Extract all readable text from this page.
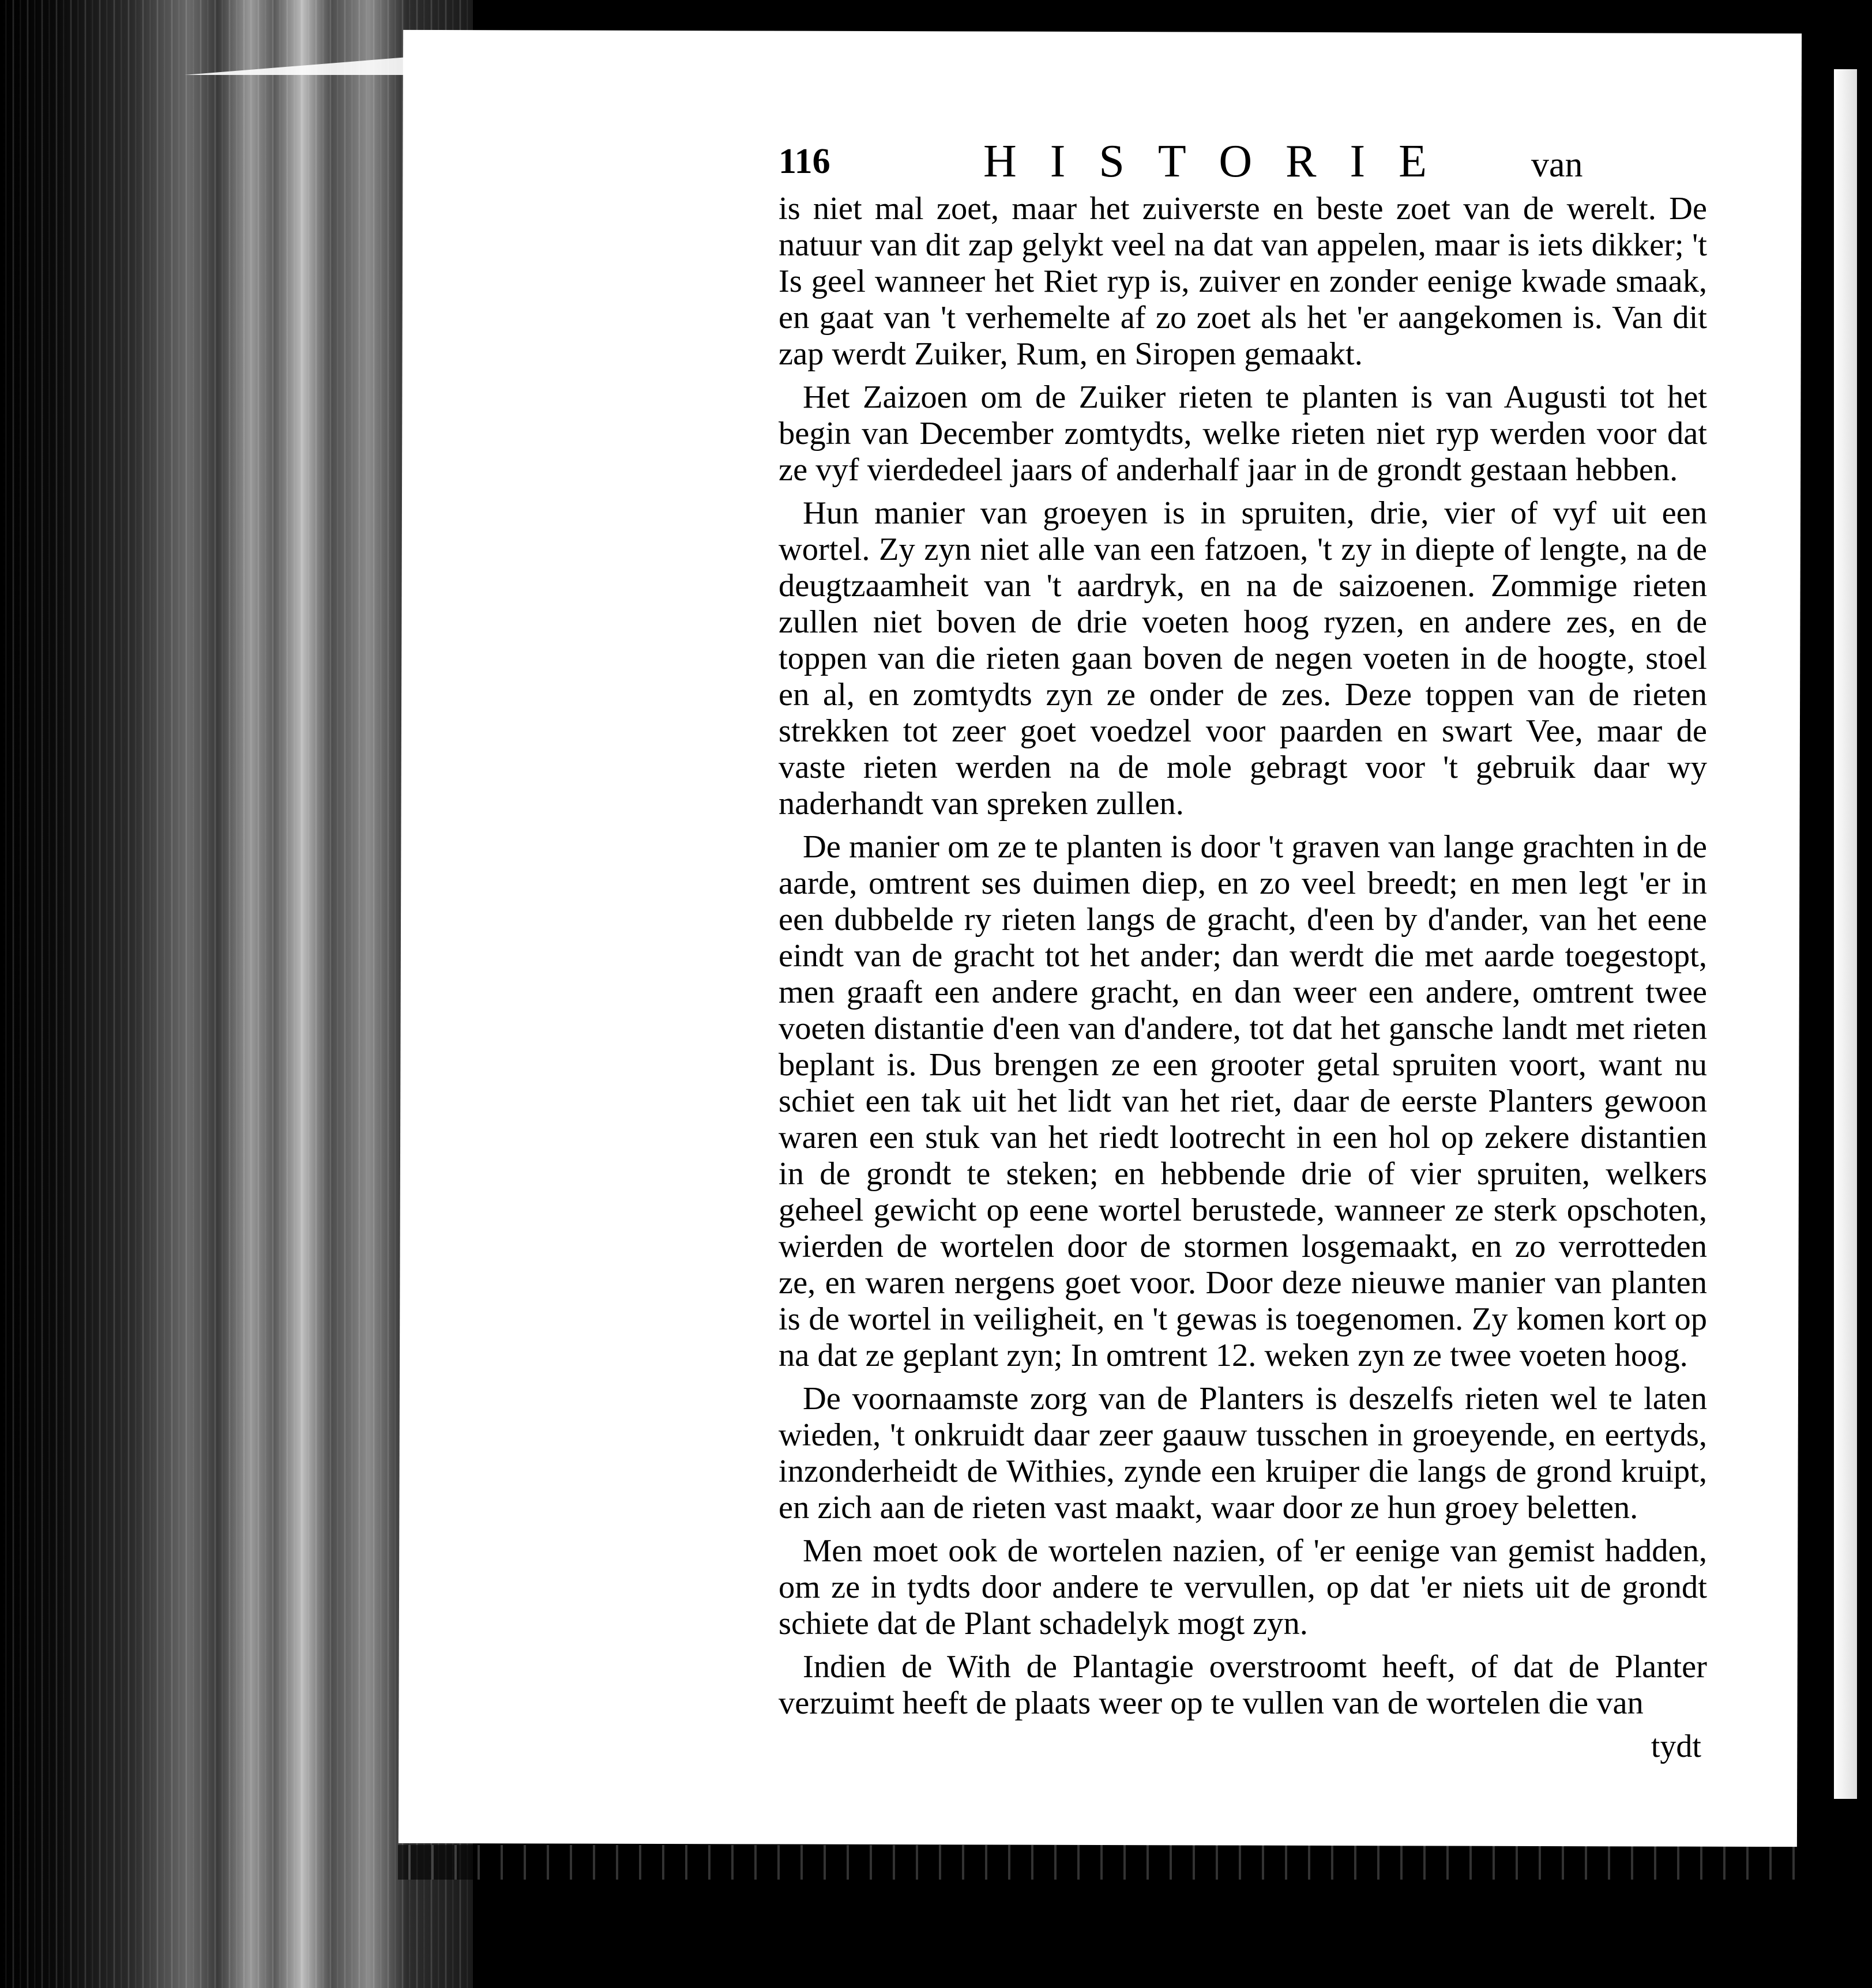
116	HISTORIE van

is niet mal zoet, maar het zuiverste en beste zoet van de werelt. De natuur van dit zap gelykt veel na dat van appelen, maar is iets dikker; 't Is geel wanneer het Riet ryp is, zuiver en zonder eenige kwade smaak, en gaat van 't verhemelte af zo zoet als het 'er aangekomen is. Van dit zap werdt Zuiker, Rum, en Siropen gemaakt.

Het Zaizoen om de Zuiker rieten te planten is van Augusti tot het begin van December zomtydts, welke rieten niet ryp werden voor dat ze vyf vierdedeel jaars of anderhalf jaar in de grondt gestaan hebben.

Hun manier van groeyen is in spruiten, drie, vier of vyf uit een wortel. Zy zyn niet alle van een fatzoen, 't zy in diepte of lengte, na de deugtzaamheit van 't aardryk, en na de saizoenen. Zommige rieten zullen niet boven de drie voeten hoog ryzen, en andere zes, en de toppen van die rieten gaan boven de negen voeten in de hoogte, stoel en al, en zomtydts zyn ze onder de zes. Deze toppen van de rieten strekken tot zeer goet voedzel voor paarden en swart Vee, maar de vaste rieten werden na de mole gebragt voor 't gebruik daar wy naderhandt van spreken zullen.

De manier om ze te planten is door 't graven van lange grachten in de aarde, omtrent ses duimen diep, en zo veel breedt; en men legt 'er in een dubbelde ry rieten langs de gracht, d'een by d'ander, van het eene eindt van de gracht tot het ander; dan werdt die met aarde toegestopt, men graaft een andere gracht, en dan weer een andere, omtrent twee voeten distantie d'een van d'andere, tot dat het gansche landt met rieten beplant is. Dus brengen ze een grooter getal spruiten voort, want nu schiet een tak uit het lidt van het riet, daar de eerste Planters gewoon waren een stuk van het riedt lootrecht in een hol op zekere distantien in de grondt te steken; en hebbende drie of vier spruiten, welkers geheel gewicht op eene wortel berustede, wanneer ze sterk opschoten, wierden de wortelen door de stormen losgemaakt, en zo verrotteden ze, en waren nergens goet voor. Door deze nieuwe manier van planten is de wortel in veiligheit, en 't gewas is toegenomen. Zy komen kort op na dat ze geplant zyn; In omtrent 12. weken zyn ze twee voeten hoog.

De voornaamste zorg van de Planters is deszelfs rieten wel te laten wieden, 't onkruidt daar zeer gaauw tusschen in groeyende, en eertyds, inzonderheidt de Withies, zynde een kruiper die langs de grond kruipt, en zich aan de rieten vast maakt, waar door ze hun groey beletten.

Men moet ook de wortelen nazien, of 'er eenige van gemist hadden, om ze in tydts door andere te vervullen, op dat 'er niets uit de grondt schiete dat de Plant schadelyk mogt zyn.

Indien de With de Plantagie overstroomt heeft, of dat de Planter verzuimt heeft de plaats weer op te vullen van de wortelen die van

tydt
